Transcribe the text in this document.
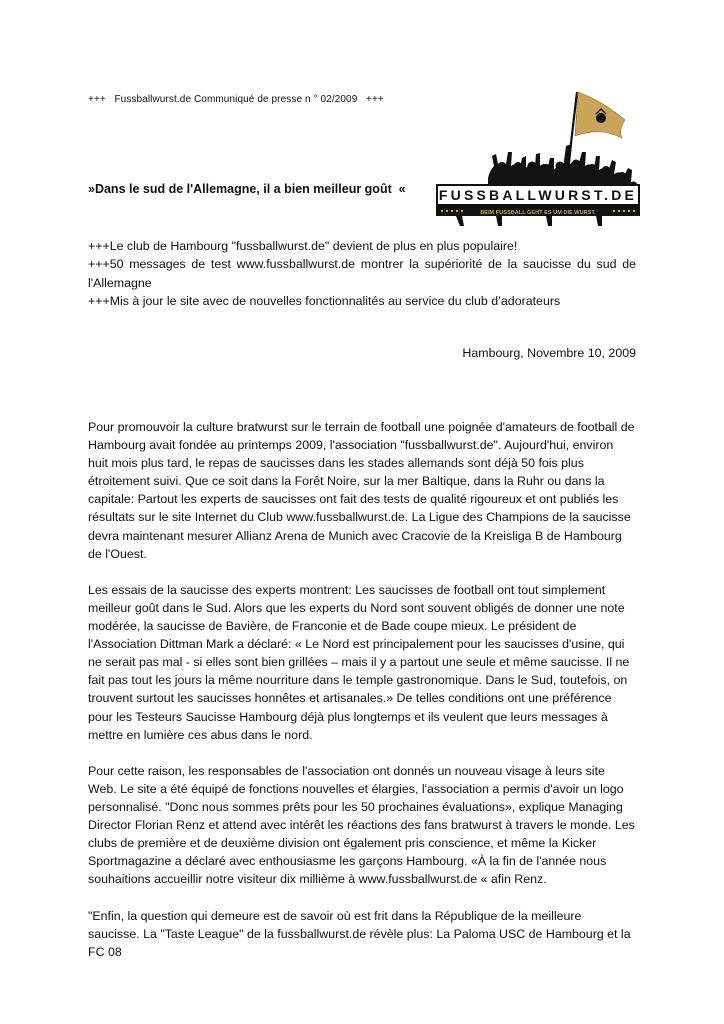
+++   Fussballwurst.de Communiqué de presse n ° 02/2009   +++
»Dans le sud de l'Allemagne, il a bien meilleur goût  « FUSSBALLWURST.DE
BEIM FUSSBALL GEHT ES UM DIE WURST.

+++Le club de Hambourg "fussballwurst.de" devient de plus en plus populaire!

+++50 messages de test www.fussballwurst.de montrer la supériorité de la saucisse du sud de l'Allemagne

+++Mis à jour le site avec de nouvelles fonctionnalités au service du club d’adorateurs

Hambourg, Novembre 10, 2009

Pour promouvoir la culture bratwurst sur le terrain de football une poignée d'amateurs de football de Hambourg avait fondée au printemps 2009, l'association "fussballwurst.de". Aujourd'hui, environ huit mois plus tard, le repas de saucisses dans les stades allemands sont déjà 50 fois plus étroitement suivi. Que ce soit dans la Forêt Noire, sur la mer Baltique, dans la Ruhr ou dans la capitale: Partout les experts de saucisses ont fait des tests de qualité rigoureux et ont publiés les résultats sur le site Internet du Club www.fussballwurst.de. La Ligue des Champions de la saucisse devra maintenant mesurer Allianz Arena de Munich avec Cracovie de la Kreisliga B de Hambourg de l'Ouest.

Les essais de la saucisse des experts montrent: Les saucisses de football ont tout simplement meilleur goût dans le Sud. Alors que les experts du Nord sont souvent obligés de donner une note modérée, la saucisse de Bavière, de Franconie et de Bade coupe mieux. Le président de l'Association Dittman Mark a déclaré: « Le Nord est principalement pour les saucisses d'usine, qui ne serait pas mal - si elles sont bien grillées – mais il y a partout une seule et même saucisse. Il ne fait pas tout les jours la même nourriture dans le temple gastronomique. Dans le Sud, toutefois, on trouvent surtout les saucisses honnêtes et artisanales.» De telles conditions ont une préférence pour les Testeurs Saucisse Hambourg déjà plus longtemps et ils veulent que leurs messages à mettre en lumière ces abus dans le nord.

Pour cette raison, les responsables de l'association ont donnés un nouveau visage à leurs site Web. Le site a été équipé de fonctions nouvelles et élargies, l'association a permis d'avoir un logo personnalisé. "Donc nous sommes prêts pour les 50 prochaines évaluations», explique Managing Director Florian Renz et attend avec intérêt les réactions des fans bratwurst à travers le monde. Les clubs de première et de deuxième division ont également pris conscience, et même la Kicker Sportmagazine a déclaré avec enthousiasme les garçons Hambourg. «À la fin de l'année nous souhaitions accueillir notre visiteur dix millième à www.fussballwurst.de « afin Renz.

"Enfin, la question qui demeure est de savoir où est frit dans la République de la meilleure saucisse. La "Taste League" de la fussballwurst.de révèle plus: La Paloma USC de Hambourg et la FC 08
